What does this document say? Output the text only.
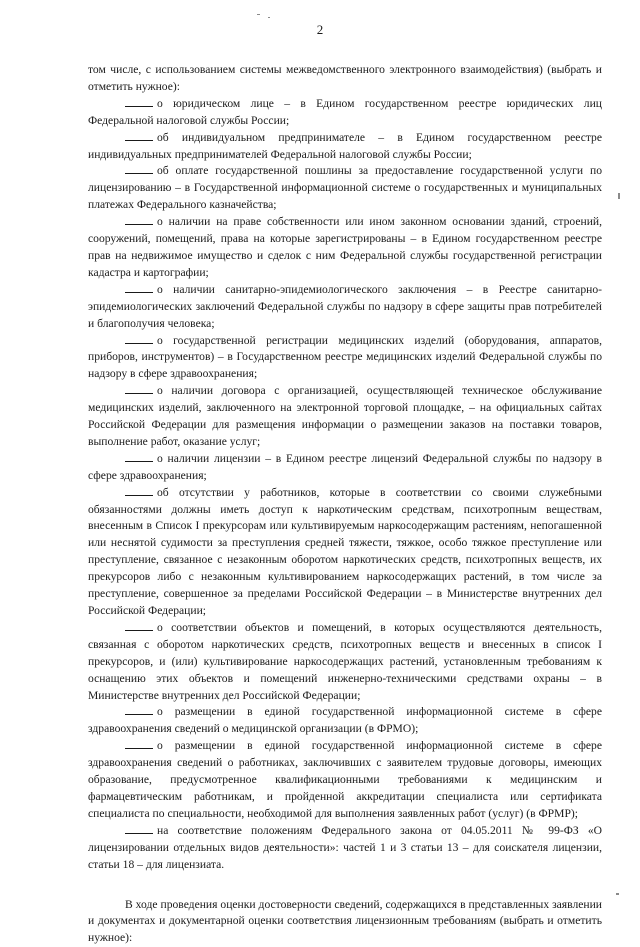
2

том числе, с использованием системы межведомственного электронного взаимодействия) (выбрать и отметить нужное):

о юридическом лице – в Едином государственном реестре юридических лиц Федеральной налоговой службы России;

об индивидуальном предпринимателе – в Едином государственном реестре индивидуальных предпринимателей Федеральной налоговой службы России;

об оплате государственной пошлины за предоставление государственной услуги по лицензированию – в Государственной информационной системе о государственных и муниципальных платежах Федерального казначейства;

о наличии на праве собственности или ином законном основании зданий, строений, сооружений, помещений, права на которые зарегистрированы – в Едином государственном реестре прав на недвижимое имущество и сделок с ним Федеральной службы государственной регистрации кадастра и картографии;

о наличии санитарно-эпидемиологического заключения – в Реестре санитарно-эпидемиологических заключений Федеральной службы по надзору в сфере защиты прав потребителей и благополучия человека;

о государственной регистрации медицинских изделий (оборудования, аппаратов, приборов, инструментов) – в Государственном реестре медицинских изделий Федеральной службы по надзору в сфере здравоохранения;

о наличии договора с организацией, осуществляющей техническое обслуживание медицинских изделий, заключенного на электронной торговой площадке, – на официальных сайтах Российской Федерации для размещения информации о размещении заказов на поставки товаров, выполнение работ, оказание услуг;

о наличии лицензии – в Едином реестре лицензий Федеральной службы по надзору в сфере здравоохранения;

об отсутствии у работников, которые в соответствии со своими служебными обязанностями должны иметь доступ к наркотическим средствам, психотропным веществам, внесенным в Список I прекурсорам или культивируемым наркосодержащим растениям, непогашенной или неснятой судимости за преступления средней тяжести, тяжкое, особо тяжкое преступление или преступление, связанное с незаконным оборотом наркотических средств, психотропных веществ, их прекурсоров либо с незаконным культивированием наркосодержащих растений, в том числе за преступление, совершенное за пределами Российской Федерации – в Министерстве внутренних дел Российской Федерации;

о соответствии объектов и помещений, в которых осуществляются деятельность, связанная с оборотом наркотических средств, психотропных веществ и внесенных в список I прекурсоров, и (или) культивирование наркосодержащих растений, установленным требованиям к оснащению этих объектов и помещений инженерно-техническими средствами охраны – в Министерстве внутренних дел Российской Федерации;

о размещении в единой государственной информационной системе в сфере здравоохранения сведений о медицинской организации (в ФРМО);

о размещении в единой государственной информационной системе в сфере здравоохранения сведений о работниках, заключивших с заявителем трудовые договоры, имеющих образование, предусмотренное квалификационными требованиями к медицинским и фармацевтическим работникам, и пройденной аккредитации специалиста или сертификата специалиста по специальности, необходимой для выполнения заявленных работ (услуг) (в ФРМР);

на соответствие положениям Федерального закона от 04.05.2011 № 99-ФЗ «О лицензировании отдельных видов деятельности»: частей 1 и 3 статьи 13 – для соискателя лицензии, статьи 18 – для лицензиата.

В ходе проведения оценки достоверности сведений, содержащихся в представленных заявлении и документах и документарной оценки соответствия лицензионным требованиям (выбрать и отметить нужное):
